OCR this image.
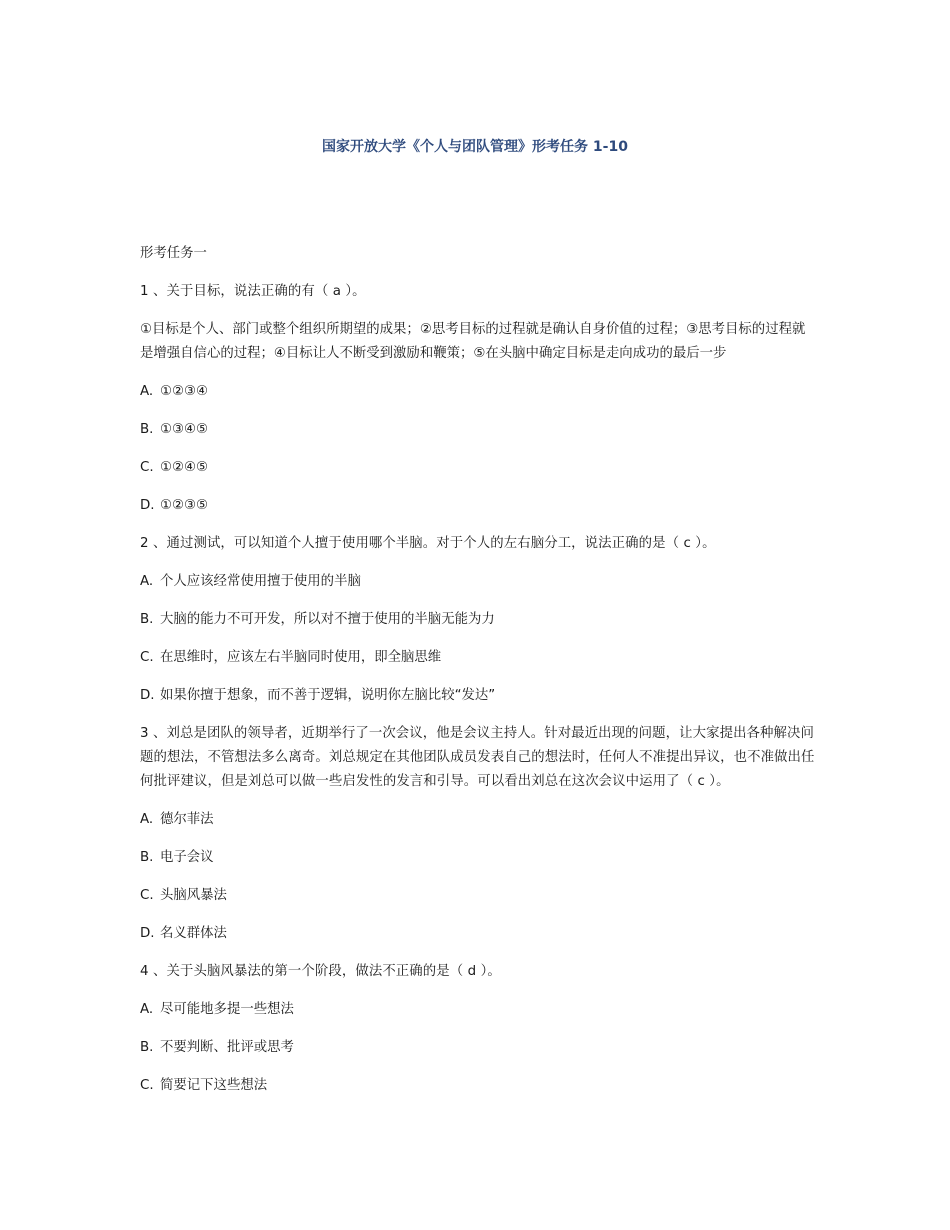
国家开放大学《个人与团队管理》形考任务 1-10

形考任务一

1 、关于目标，说法正确的有（ a ）。

①目标是个人、部门或整个组织所期望的成果；②思考目标的过程就是确认自身价值的过程；③思考目标的过程就是增强自信心的过程；④目标让人不断受到激励和鞭策；⑤在头脑中确定目标是走向成功的最后一步

A. ①②③④

B. ①③④⑤

C. ①②④⑤

D. ①②③⑤

2 、通过测试，可以知道个人擅于使用哪个半脑。对于个人的左右脑分工，说法正确的是（ c ）。

A. 个人应该经常使用擅于使用的半脑

B. 大脑的能力不可开发，所以对不擅于使用的半脑无能为力

C. 在思维时，应该左右半脑同时使用，即全脑思维

D. 如果你擅于想象，而不善于逻辑，说明你左脑比较“发达”

3 、刘总是团队的领导者，近期举行了一次会议，他是会议主持人。针对最近出现的问题，让大家提出各种解决问题的想法，不管想法多么离奇。刘总规定在其他团队成员发表自己的想法时，任何人不准提出异议，也不准做出任何批评建议，但是刘总可以做一些启发性的发言和引导。可以看出刘总在这次会议中运用了（ c ）。

A. 德尔菲法

B. 电子会议

C. 头脑风暴法

D. 名义群体法

4 、关于头脑风暴法的第一个阶段，做法不正确的是（ d ）。

A. 尽可能地多提一些想法

B. 不要判断、批评或思考

C. 简要记下这些想法
